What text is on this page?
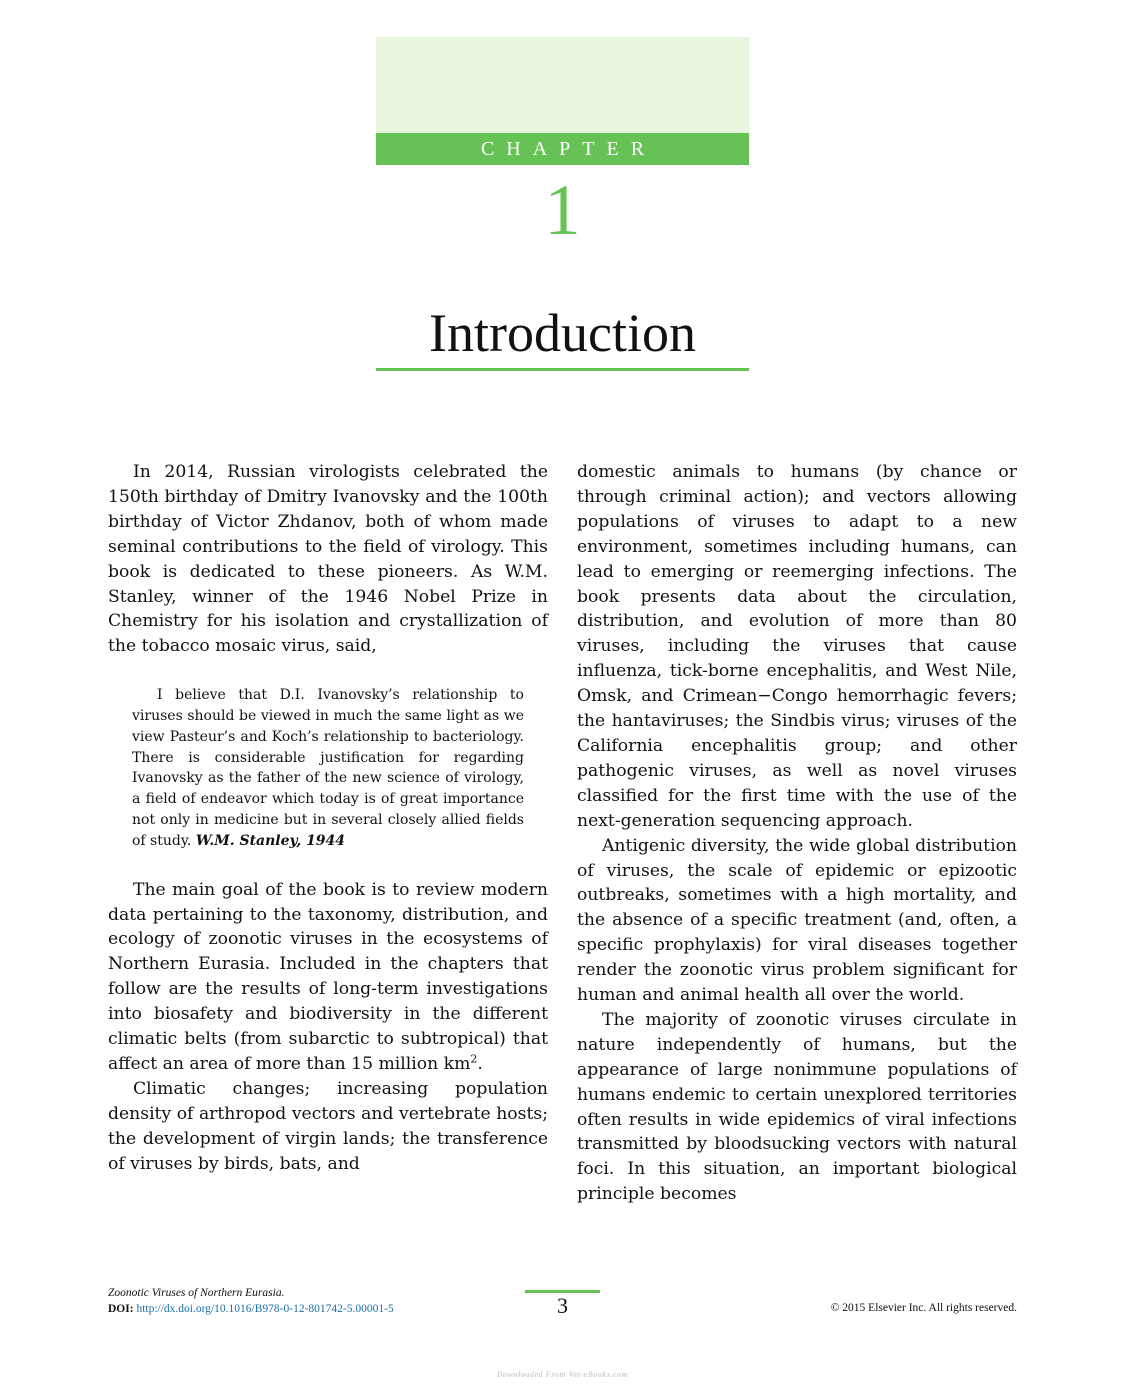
CHAPTER
1
Introduction

In 2014, Russian virologists celebrated the 150th birthday of Dmitry Ivanovsky and the 100th birthday of Victor Zhdanov, both of whom made seminal contributions to the field of virology. This book is dedicated to these pioneers. As W.M. Stanley, winner of the 1946 Nobel Prize in Chemistry for his isolation and crystallization of the tobacco mosaic virus, said,

I believe that D.I. Ivanovsky’s relationship to viruses should be viewed in much the same light as we view Pasteur’s and Koch’s relationship to bacteriology. There is considerable justification for regarding Ivanovsky as the father of the new science of virology, a field of endeavor which today is of great importance not only in medicine but in several closely allied fields of study. W.M. Stanley, 1944

The main goal of the book is to review modern data pertaining to the taxonomy, distribution, and ecology of zoonotic viruses in the ecosystems of Northern Eurasia. Included in the chapters that follow are the results of long-term investigations into biosafety and biodiversity in the different climatic belts (from subarctic to subtropical) that affect an area of more than 15 million $km^2$.

Climatic changes; increasing population density of arthropod vectors and vertebrate hosts; the development of virgin lands; the transference of viruses by birds, bats, and

domestic animals to humans (by chance or through criminal action); and vectors allowing populations of viruses to adapt to a new environment, sometimes including humans, can lead to emerging or reemerging infections. The book presents data about the circulation, distribution, and evolution of more than 80 viruses, including the viruses that cause influenza, tick-borne encephalitis, and West Nile, Omsk, and Crimean−Congo hemorrhagic fevers; the hantaviruses; the Sindbis virus; viruses of the California encephalitis group; and other pathogenic viruses, as well as novel viruses classified for the first time with the use of the next-generation sequencing approach.

Antigenic diversity, the wide global distribution of viruses, the scale of epidemic or epizootic outbreaks, sometimes with a high mortality, and the absence of a specific treatment (and, often, a specific prophylaxis) for viral diseases together render the zoonotic virus problem significant for human and animal health all over the world.

The majority of zoonotic viruses circulate in nature independently of humans, but the appearance of large nonimmune populations of humans endemic to certain unexplored territories often results in wide epidemics of viral infections transmitted by bloodsucking vectors with natural foci. In this situation, an important biological principle becomes

Zoonotic Viruses of Northern Eurasia.
DOI: http://dx.doi.org/10.1016/B978-0-12-801742-5.00001-5	3	© 2015 Elsevier Inc. All rights reserved.
Downloaded From Vet-eBooks.com
